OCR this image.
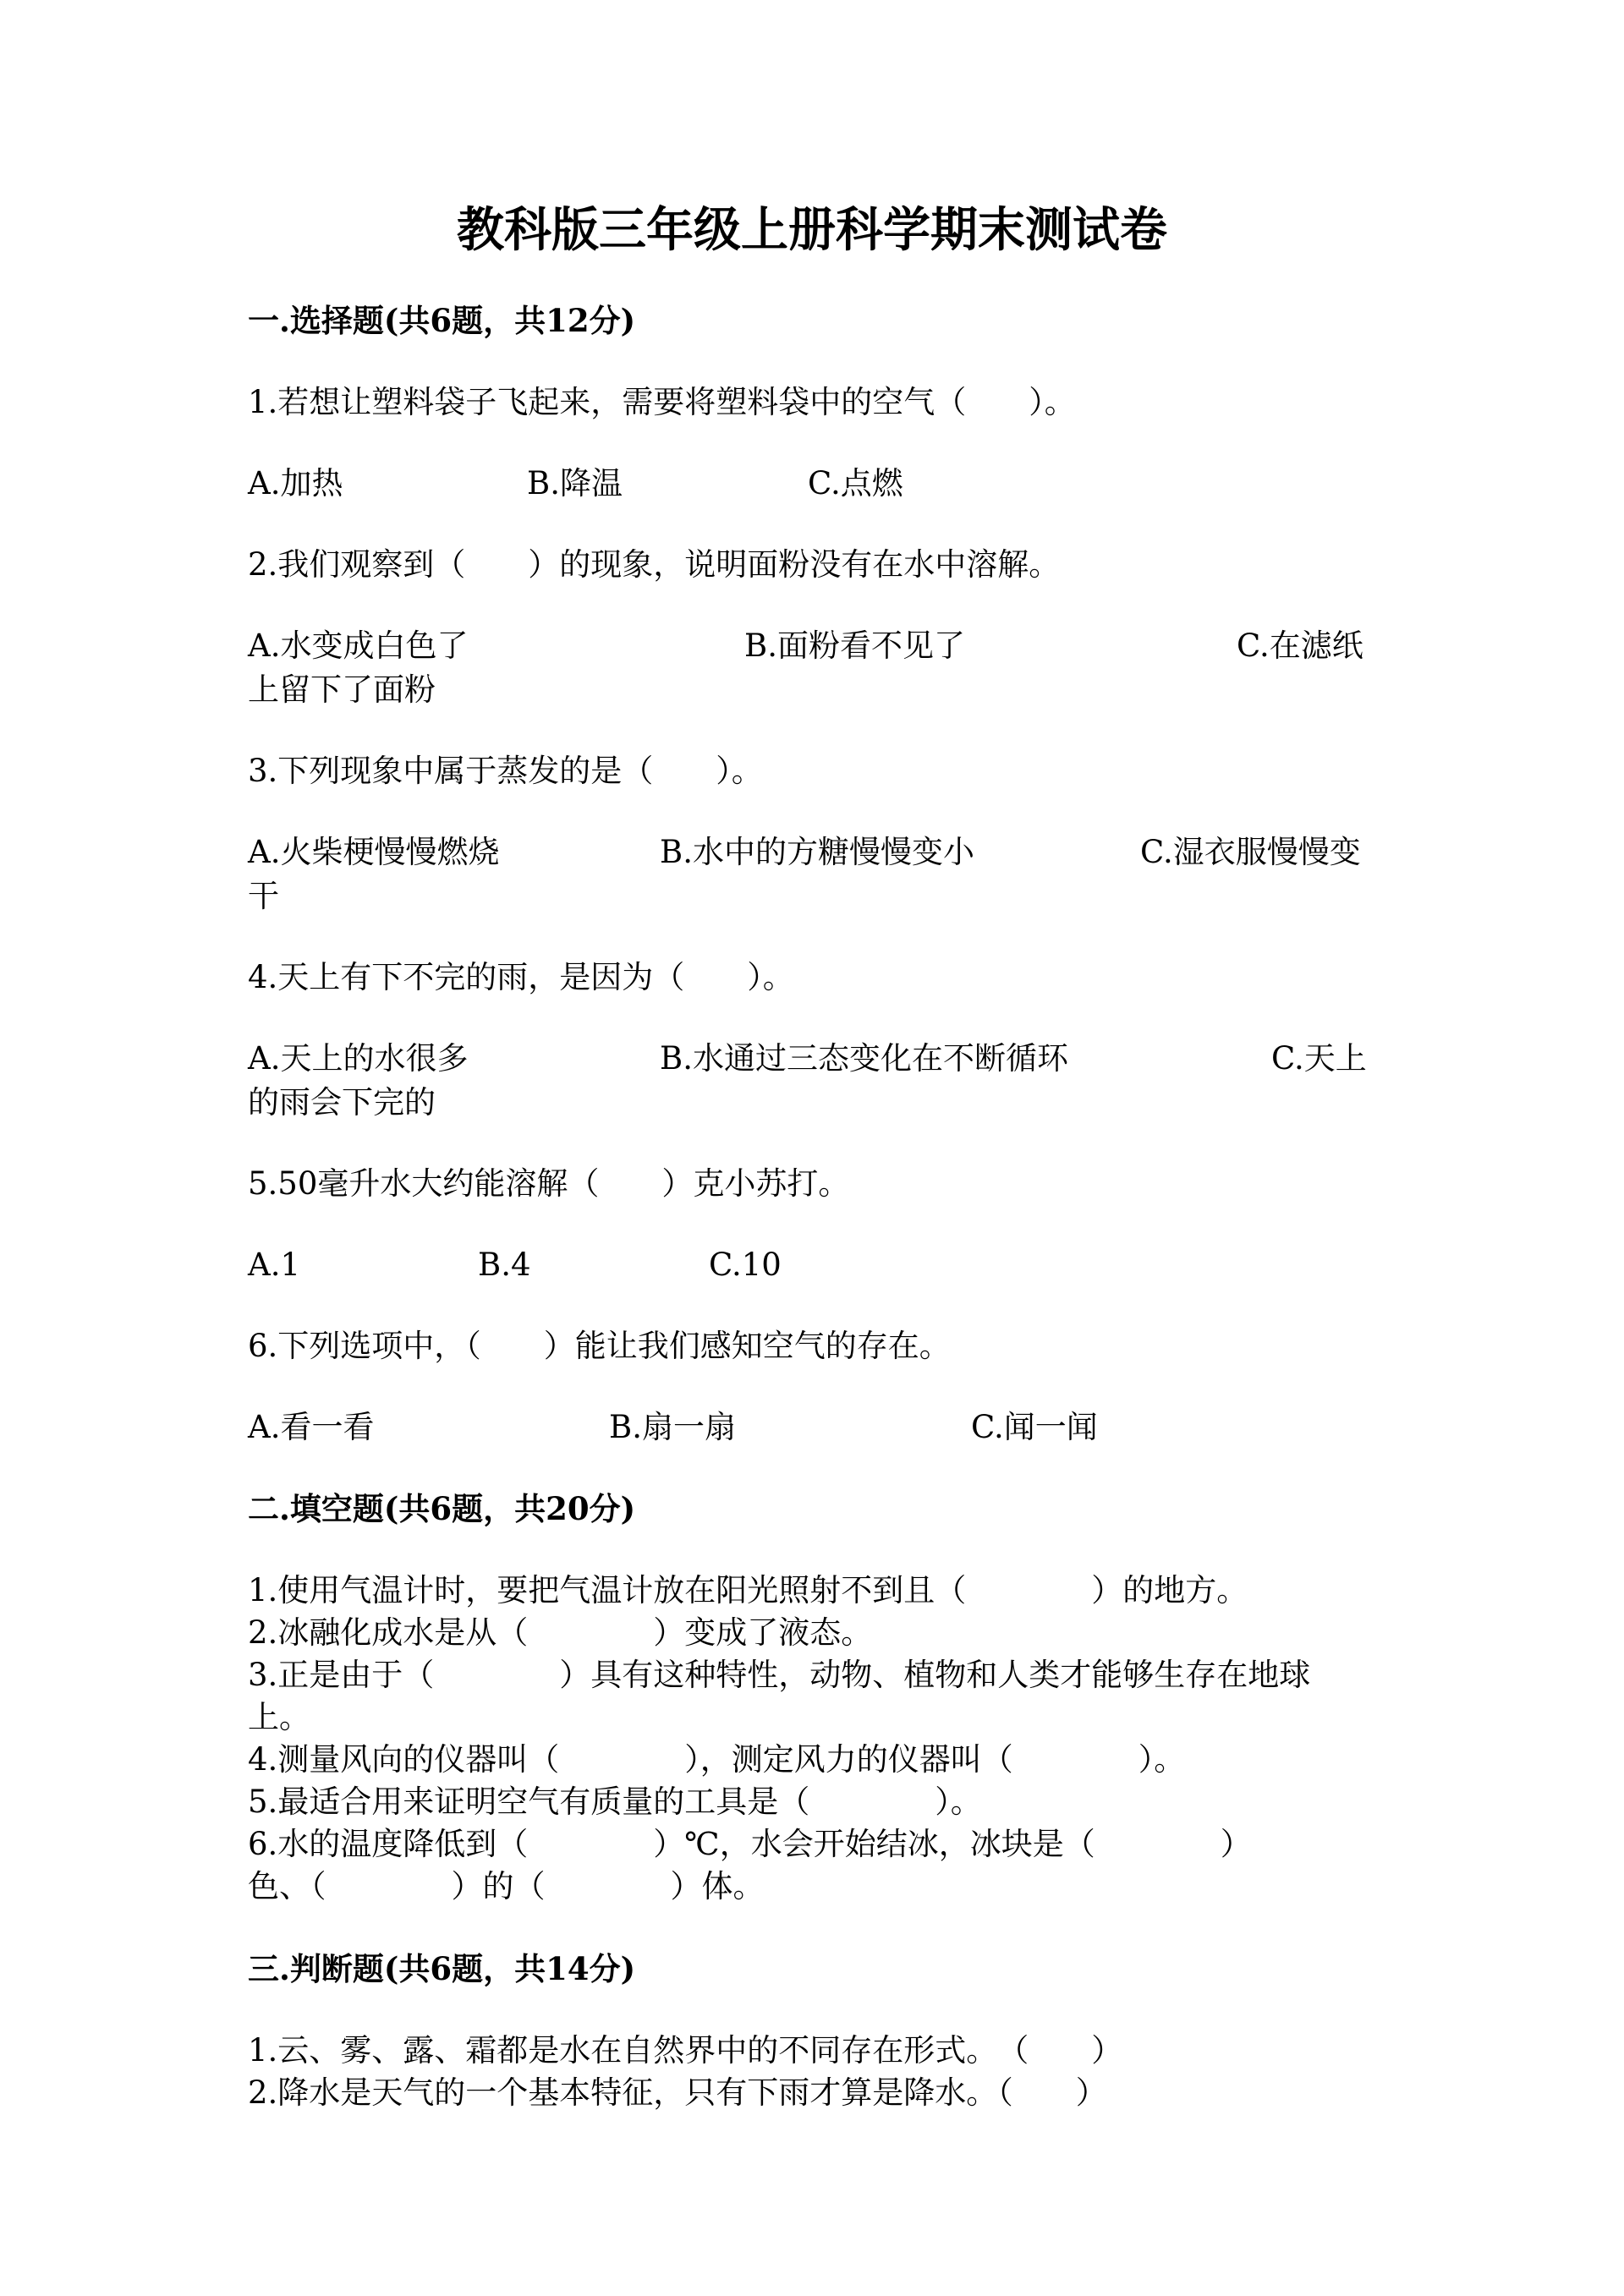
教科版三年级上册科学期末测试卷
一.选择题(共6题，共12分)
1.若想让塑料袋子飞起来，需要将塑料袋中的空气（　　）。
A.加热	B.降温	C.点燃
2.我们观察到（　　）的现象，说明面粉没有在水中溶解。
A.水变成白色了	B.面粉看不见了	C.在滤纸
上留下了面粉
3.下列现象中属于蒸发的是（　　）。
A.火柴梗慢慢燃烧	B.水中的方糖慢慢变小	C.湿衣服慢慢变
干
4.天上有下不完的雨，是因为（　　）。
A.天上的水很多	B.水通过三态变化在不断循环	C.天上
的雨会下完的
5.50毫升水大约能溶解（　　）克小苏打。
A.1	B.4	C.10
6.下列选项中，（　　）能让我们感知空气的存在。
A.看一看	B.扇一扇	C.闻一闻
二.填空题(共6题，共20分)
1.使用气温计时，要把气温计放在阳光照射不到且（　　　　）的地方。
2.冰融化成水是从（　　　　）变成了液态。
3.正是由于（　　　　）具有这种特性，动物、植物和人类才能够生存在地球
上。
4.测量风向的仪器叫（　　　　），测定风力的仪器叫（　　　　）。
5.最适合用来证明空气有质量的工具是（　　　　）。
6.水的温度降低到（　　　　）℃，水会开始结冰，冰块是（　　　　）
色、（　　　　）的（　　　　）体。
三.判断题(共6题，共14分)
1.云、雾、露、霜都是水在自然界中的不同存在形式。　（　　）
2.降水是天气的一个基本特征，只有下雨才算是降水。（　　）
